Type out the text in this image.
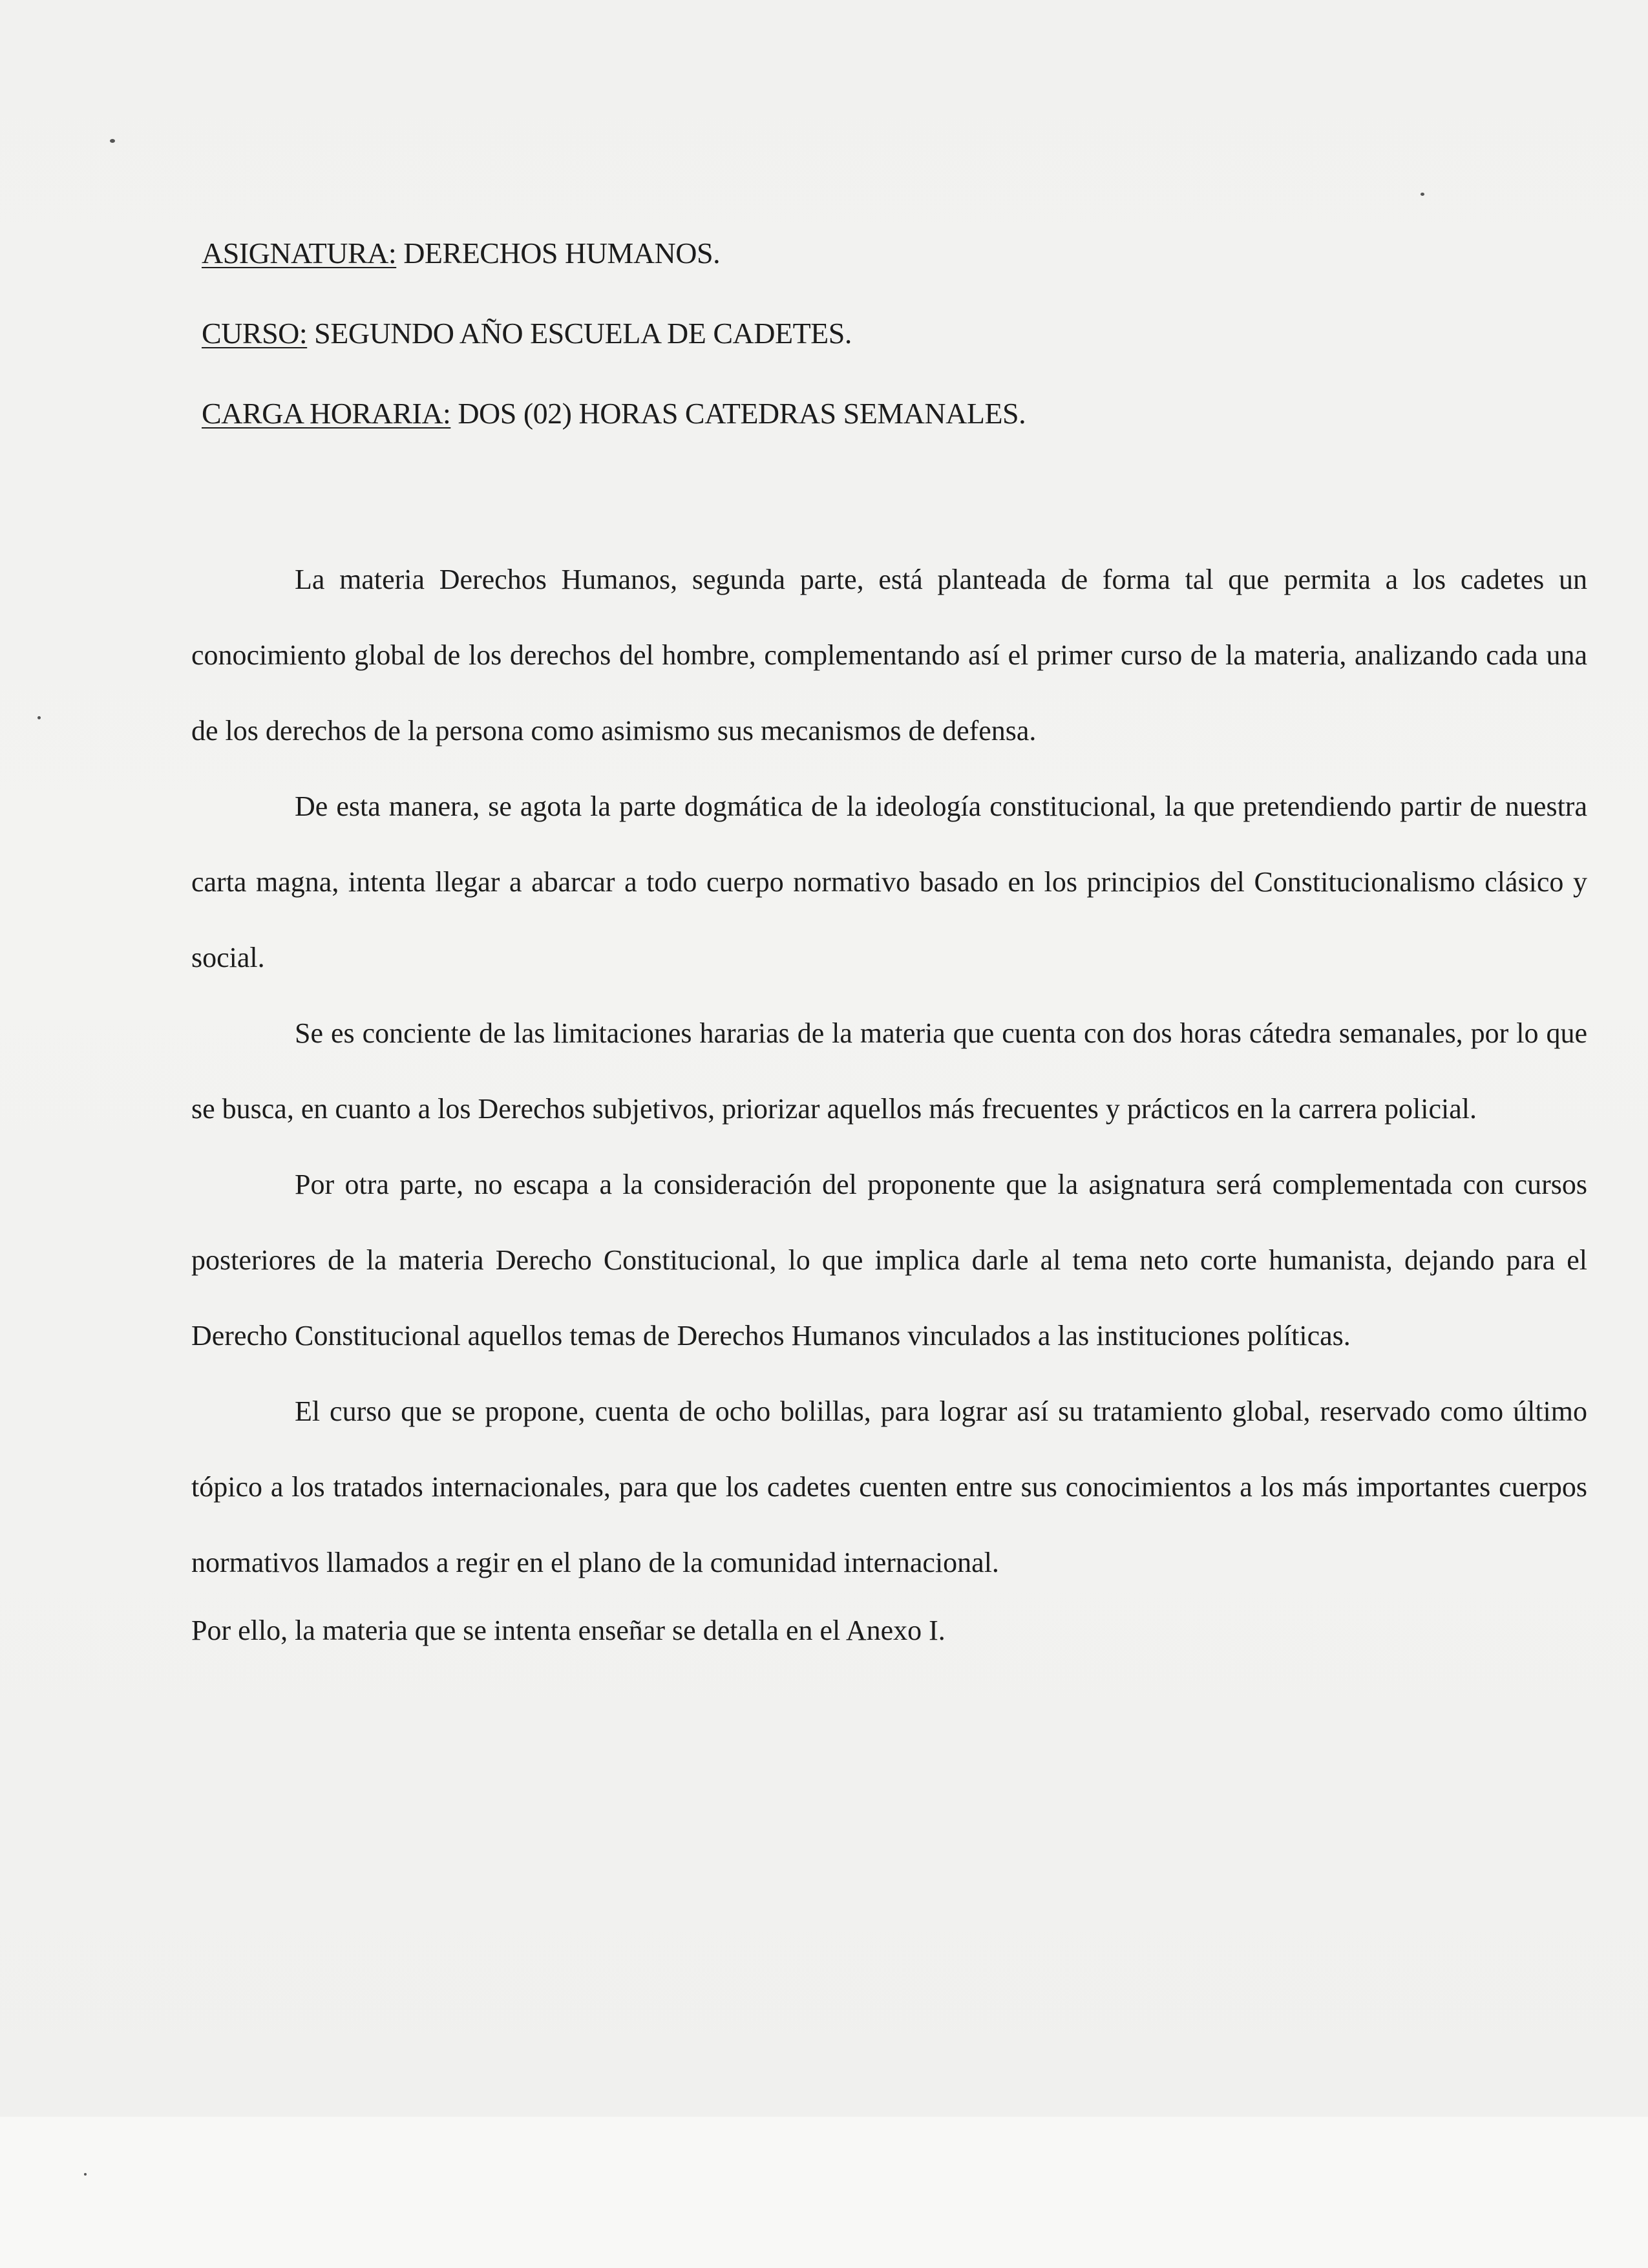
ASIGNATURA: DERECHOS HUMANOS.
CURSO: SEGUNDO AÑO ESCUELA DE CADETES.
CARGA HORARIA: DOS (02) HORAS CATEDRAS SEMANALES.

La materia Derechos Humanos, segunda parte, está planteada de forma tal que permita a los cadetes un conocimiento global de los derechos del hombre, complementando así el primer curso de la materia, analizando cada una de los derechos de la persona como asimismo sus mecanismos de defensa.

De esta manera, se agota la parte dogmática de la ideología constitucional, la que pretendiendo partir de nuestra carta magna, intenta llegar a abarcar a todo cuerpo normativo basado en los principios del Constitucionalismo clásico y social.

Se es conciente de las limitaciones hararias de la materia que cuenta con dos horas cátedra semanales, por lo que se busca, en cuanto a los Derechos subjetivos, priorizar aquellos más frecuentes y prácticos en la carrera policial.

Por otra parte, no escapa a la consideración del proponente que la asignatura será complementada con cursos posteriores de la materia Derecho Constitucional, lo que implica darle al tema neto corte humanista, dejando para el Derecho Constitucional aquellos temas de Derechos Humanos vinculados a las instituciones políticas.

El curso que se propone, cuenta de ocho bolillas, para lograr así su tratamiento global, reservado como último tópico a los tratados internacionales, para que los cadetes cuenten entre sus conocimientos a los más importantes cuerpos normativos llamados a regir en el plano de la comunidad internacional.

Por ello, la materia que se intenta enseñar se detalla en el Anexo I.
